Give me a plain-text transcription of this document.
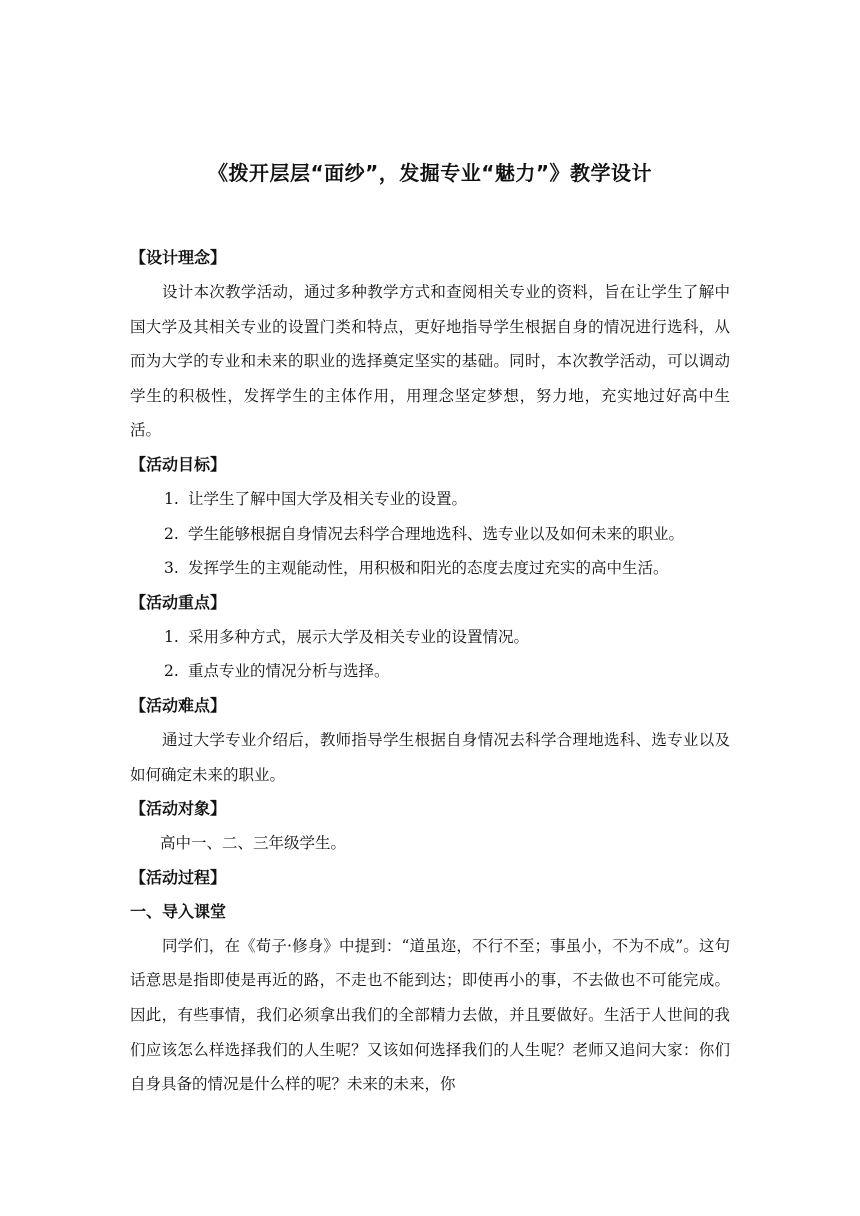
《拨开层层“面纱”，发掘专业“魅力”》教学设计

【设计理念】

设计本次教学活动，通过多种教学方式和查阅相关专业的资料，旨在让学生了解中国大学及其相关专业的设置门类和特点，更好地指导学生根据自身的情况进行选科，从而为大学的专业和未来的职业的选择奠定坚实的基础。同时，本次教学活动，可以调动学生的积极性，发挥学生的主体作用，用理念坚定梦想，努力地，充实地过好高中生活。

【活动目标】

1. 让学生了解中国大学及相关专业的设置。
2. 学生能够根据自身情况去科学合理地选科、选专业以及如何未来的职业。
3. 发挥学生的主观能动性，用积极和阳光的态度去度过充实的高中生活。

【活动重点】

1. 采用多种方式，展示大学及相关专业的设置情况。
2. 重点专业的情况分析与选择。

【活动难点】

通过大学专业介绍后，教师指导学生根据自身情况去科学合理地选科、选专业以及如何确定未来的职业。

【活动对象】

高中一、二、三年级学生。

【活动过程】

一、导入课堂

同学们，在《荀子·修身》中提到：“道虽迩，不行不至；事虽小，不为不成”。这句话意思是指即使是再近的路，不走也不能到达；即使再小的事，不去做也不可能完成。因此，有些事情，我们必须拿出我们的全部精力去做，并且要做好。生活于人世间的我们应该怎么样选择我们的人生呢？又该如何选择我们的人生呢？老师又追问大家：你们自身具备的情况是什么样的呢？未来的未来，你
